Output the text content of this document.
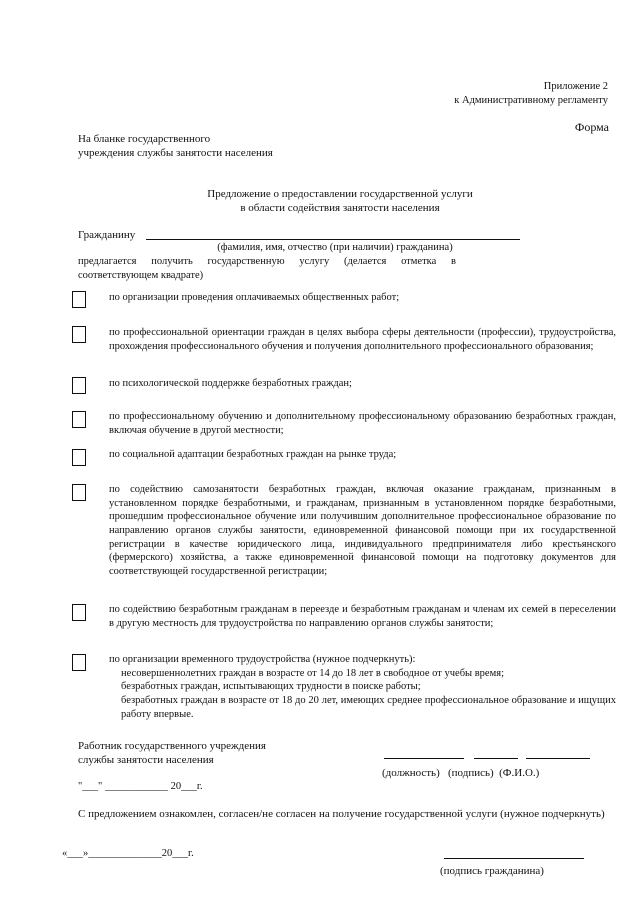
Приложение 2
к Административному регламенту
Форма
На бланке государственного
учреждения службы занятости населения
Предложение о предоставлении государственной услуги
в области содействия занятости населения
Гражданину
(фамилия, имя, отчество (при наличии) гражданина)
предлагается получить государственную услугу (делается отметка в соответствующем квадрате)
по организации проведения оплачиваемых общественных работ;
по профессиональной ориентации граждан в целях выбора сферы деятельности (профессии), трудоустройства, прохождения профессионального обучения и получения дополнительного профессионального образования;
по психологической поддержке безработных граждан;
по профессиональному обучению и дополнительному профессиональному образованию безработных граждан, включая обучение в другой местности;
по социальной адаптации безработных граждан на рынке труда;
по содействию самозанятости безработных граждан, включая оказание гражданам, признанным в установленном порядке безработными, и гражданам, признанным в установленном порядке безработными, прошедшим профессиональное обучение или получившим дополнительное профессиональное образование по направлению органов службы занятости, единовременной финансовой помощи при их государственной регистрации в качестве юридического лица, индивидуального предпринимателя либо крестьянского (фермерского) хозяйства, а также единовременной финансовой помощи на подготовку документов для соответствующей государственной регистрации;
по содействию безработным гражданам в переезде и безработным гражданам и членам их семей в переселении в другую местность для трудоустройства по направлению органов службы занятости;
по организации временного трудоустройства (нужное подчеркнуть):
несовершеннолетних граждан в возрасте от 14 до 18 лет в свободное от учебы время;
безработных граждан, испытывающих трудности в поиске работы;
безработных граждан в возрасте от 18 до 20 лет, имеющих среднее профессиональное образование и ищущих работу впервые.
Работник государственного учреждения
службы занятости населения
(должность)   (подпись)  (Ф.И.О.)
"___" ____________ 20___г.
С предложением ознакомлен, согласен/не согласен на получение государственной услуги (нужное подчеркнуть)
«___»______________20___г.
(подпись гражданина)
